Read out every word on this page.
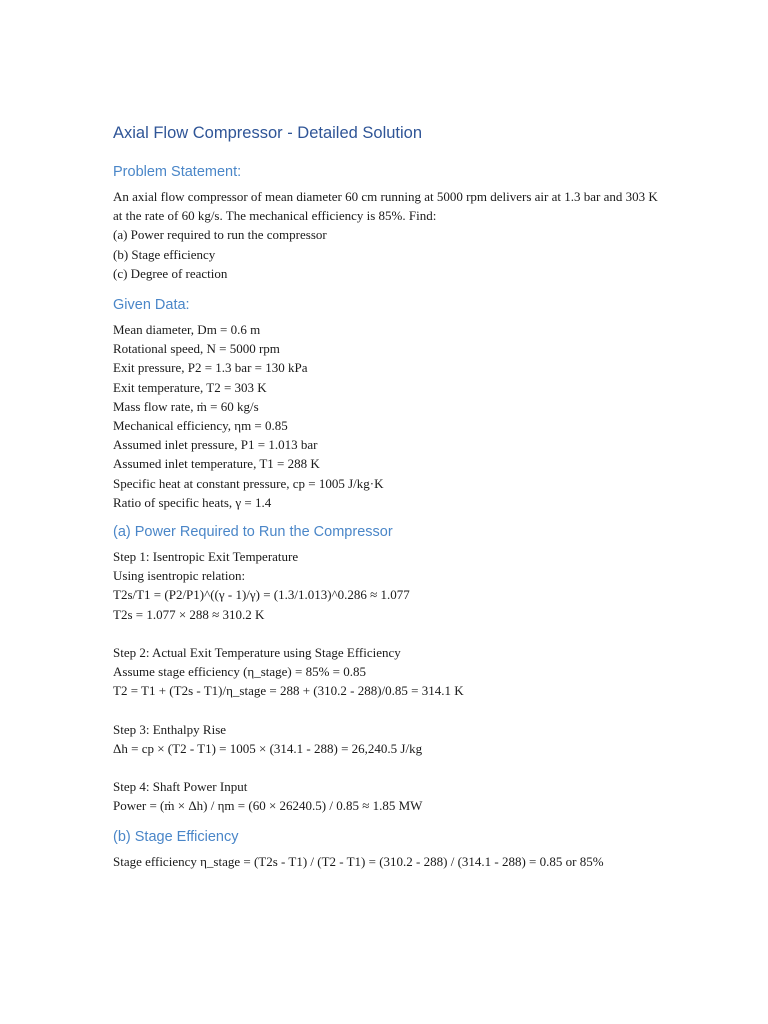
Axial Flow Compressor - Detailed Solution
Problem Statement:
An axial flow compressor of mean diameter 60 cm running at 5000 rpm delivers air at 1.3 bar and 303 K at the rate of 60 kg/s. The mechanical efficiency is 85%. Find:
(a) Power required to run the compressor
(b) Stage efficiency
(c) Degree of reaction
Given Data:
Mean diameter, Dm = 0.6 m
Rotational speed, N = 5000 rpm
Exit pressure, P2 = 1.3 bar = 130 kPa
Exit temperature, T2 = 303 K
Mass flow rate, ṁ = 60 kg/s
Mechanical efficiency, ηm = 0.85
Assumed inlet pressure, P1 = 1.013 bar
Assumed inlet temperature, T1 = 288 K
Specific heat at constant pressure, cp = 1005 J/kg·K
Ratio of specific heats, γ = 1.4
(a) Power Required to Run the Compressor
Step 1: Isentropic Exit Temperature
Using isentropic relation:
T2s/T1 = (P2/P1)^((γ - 1)/γ) = (1.3/1.013)^0.286 ≈ 1.077
T2s = 1.077 × 288 ≈ 310.2 K
Step 2: Actual Exit Temperature using Stage Efficiency
Assume stage efficiency (η_stage) = 85% = 0.85
T2 = T1 + (T2s - T1)/η_stage = 288 + (310.2 - 288)/0.85 = 314.1 K
Step 3: Enthalpy Rise
Δh = cp × (T2 - T1) = 1005 × (314.1 - 288) = 26,240.5 J/kg
Step 4: Shaft Power Input
Power = (ṁ × Δh) / ηm = (60 × 26240.5) / 0.85 ≈ 1.85 MW
(b) Stage Efficiency
Stage efficiency η_stage = (T2s - T1) / (T2 - T1) = (310.2 - 288) / (314.1 - 288) = 0.85 or 85%
